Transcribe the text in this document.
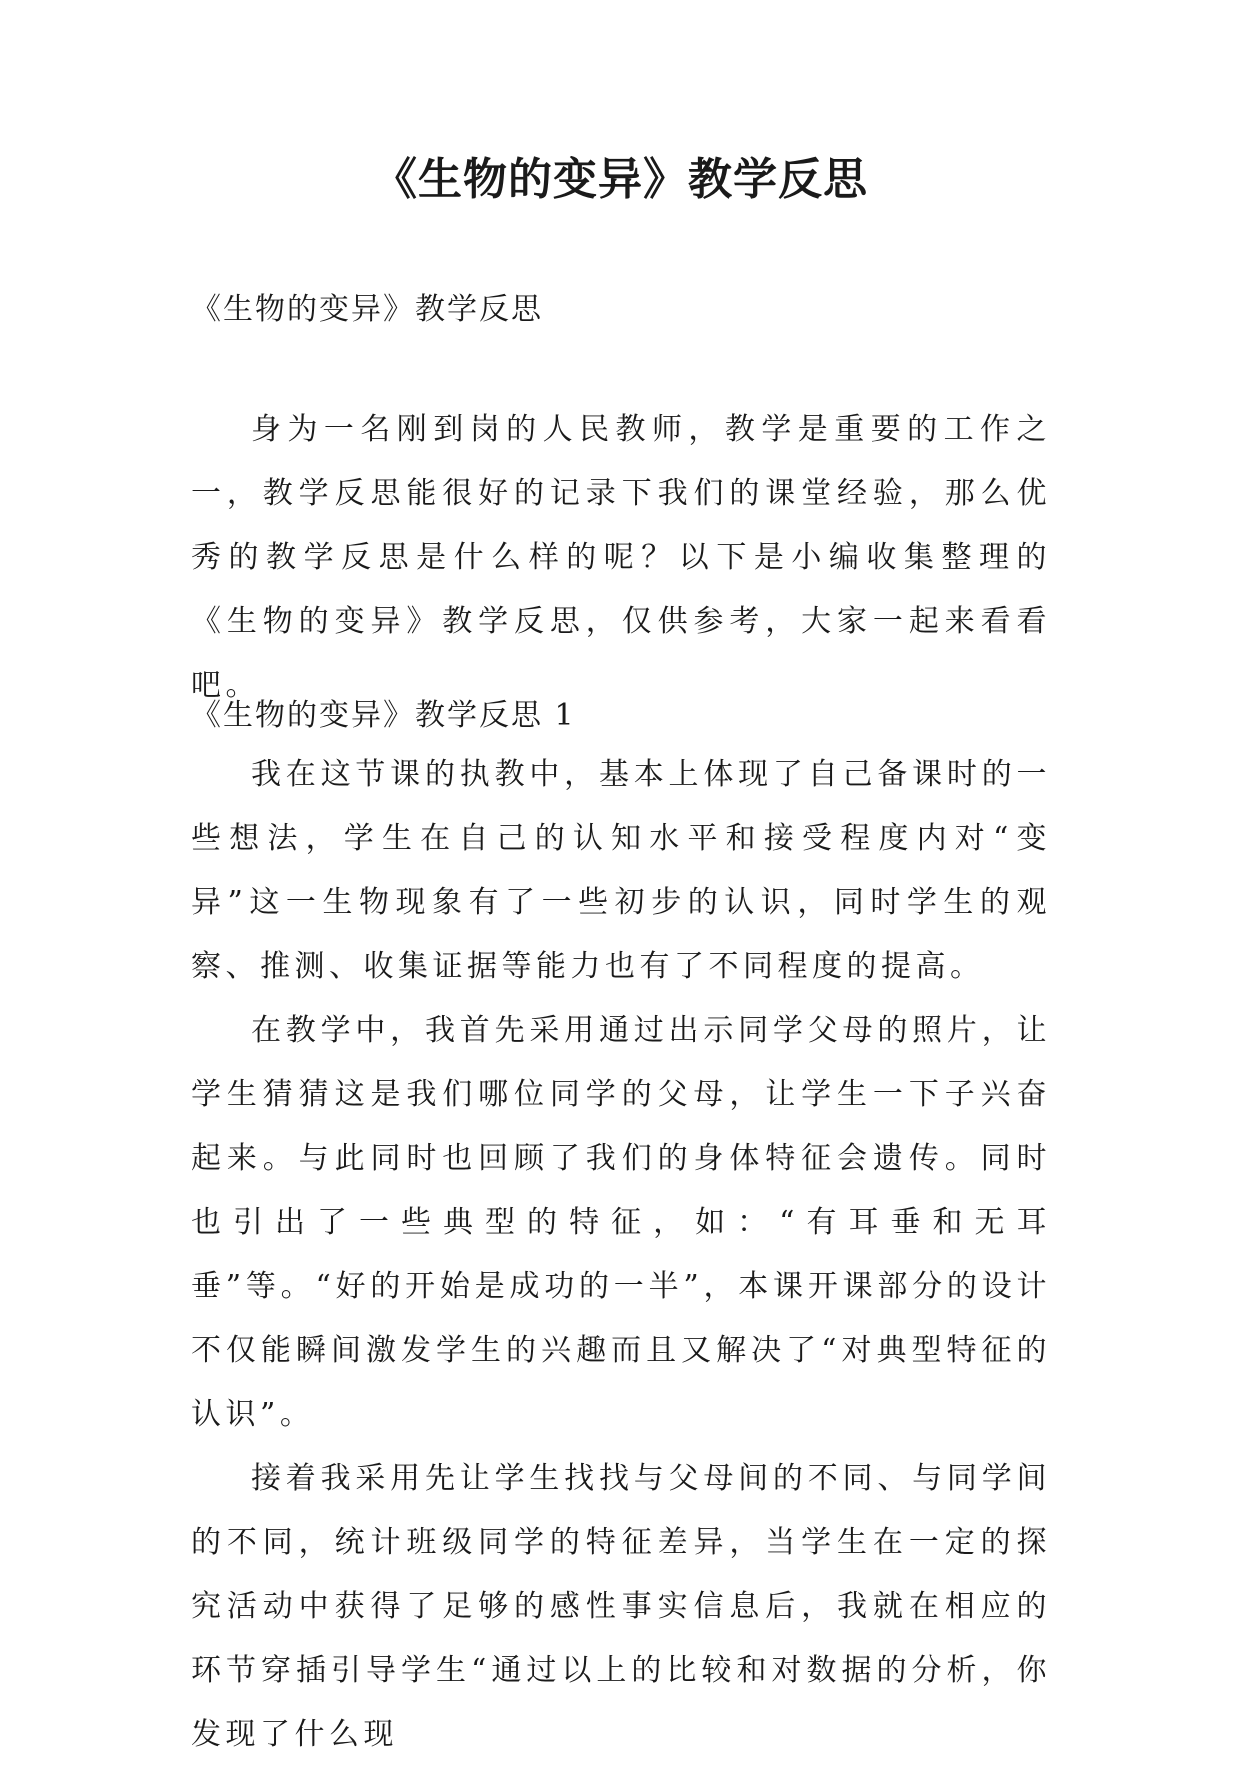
《生物的变异》教学反思
《生物的变异》教学反思

身为一名刚到岗的人民教师，教学是重要的工作之一，教学反思能很好的记录下我们的课堂经验，那么优秀的教学反思是什么样的呢？以下是小编收集整理的《生物的变异》教学反思，仅供参考，大家一起来看看吧。

《生物的变异》教学反思 1

我在这节课的执教中，基本上体现了自己备课时的一些想法，学生在自己的认知水平和接受程度内对“变异”这一生物现象有了一些初步的认识，同时学生的观察、推测、收集证据等能力也有了不同程度的提高。

在教学中，我首先采用通过出示同学父母的照片，让学生猜猜这是我们哪位同学的父母，让学生一下子兴奋起来。与此同时也回顾了我们的身体特征会遗传。同时也引出了一些典型的特征，如：“有耳垂和无耳垂”等。“好的开始是成功的一半”，本课开课部分的设计不仅能瞬间激发学生的兴趣而且又解决了“对典型特征的认识”。

接着我采用先让学生找找与父母间的不同、与同学间的不同，统计班级同学的特征差异，当学生在一定的探究活动中获得了足够的感性事实信息后，我就在相应的环节穿插引导学生“通过以上的比较和对数据的分析，你发现了什么现
